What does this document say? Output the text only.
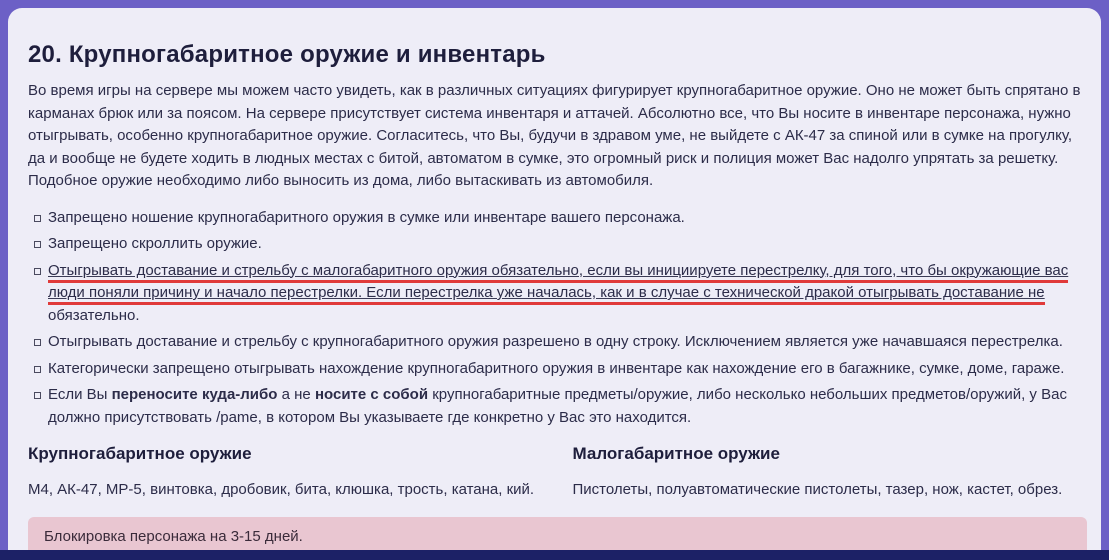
20. Крупногабаритное оружие и инвентарь

Во время игры на сервере мы можем часто увидеть, как в различных ситуациях фигурирует крупногабаритное оружие. Оно не может быть спрятано в карманах брюк или за поясом. На сервере присутствует система инвентаря и аттачей. Абсолютно все, что Вы носите в инвентаре персонажа, нужно отыгрывать, особенно крупногабаритное оружие. Согласитесь, что Вы, будучи в здравом уме, не выйдете с АК-47 за спиной или в сумке на прогулку, да и вообще не будете ходить в людных местах с битой, автоматом в сумке, это огромный риск и полиция может Вас надолго упрятать за решетку. Подобное оружие необходимо либо выносить из дома, либо вытаскивать из автомобиля.

Запрещено ношение крупногабаритного оружия в сумке или инвентаре вашего персонажа.
Запрещено скроллить оружие.
Отыгрывать доставание и стрельбу с малогабаритного оружия обязательно, если вы инициируете перестрелку, для того, что бы окружающие вас люди поняли причину и начало перестрелки. Если перестрелка уже началась, как и в случае с технической дракой отыгрывать доставание не обязательно.
Отыгрывать доставание и стрельбу с крупногабаритного оружия разрешено в одну строку. Исключением является уже начавшаяся перестрелка.
Категорически запрещено отыгрывать нахождение крупногабаритного оружия в инвентаре как нахождение его в багажнике, сумке, доме, гараже.
Если Вы переносите куда-либо а не носите с собой крупногабаритные предметы/оружие, либо несколько небольших предметов/оружий, у Вас должно присутствовать /pame, в котором Вы указываете где конкретно у Вас это находится.
Крупногабаритное оружие

М4, АК-47, МР-5, винтовка, дробовик, бита, клюшка, трость, катана, кий.

Малогабаритное оружие

Пистолеты, полуавтоматические пистолеты, тазер, нож, кастет, обрез.

Блокировка персонажа на 3-15 дней.
